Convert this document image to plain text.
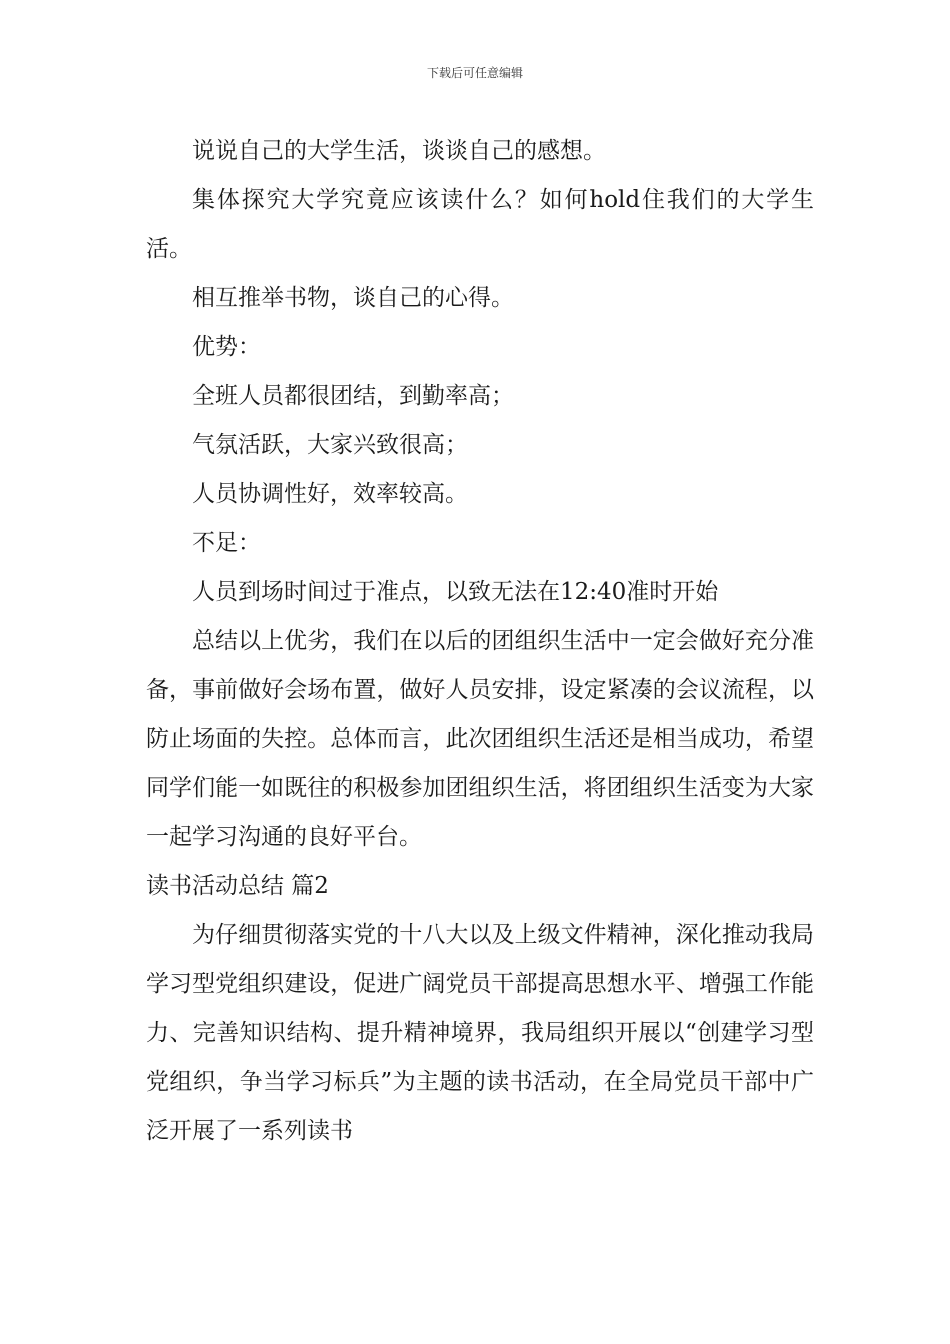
下载后可任意编辑

说说自己的大学生活，谈谈自己的感想。

集体探究大学究竟应该读什么？如何hold住我们的大学生活。

相互推举书物，谈自己的心得。

优势：

全班人员都很团结，到勤率高；

气氛活跃，大家兴致很高；

人员协调性好，效率较高。

不足：

人员到场时间过于准点，以致无法在12:40准时开始

总结以上优劣，我们在以后的团组织生活中一定会做好充分准备，事前做好会场布置，做好人员安排，设定紧凑的会议流程，以防止场面的失控。总体而言，此次团组织生活还是相当成功，希望同学们能一如既往的积极参加团组织生活，将团组织生活变为大家一起学习沟通的良好平台。

读书活动总结 篇2

为仔细贯彻落实党的十八大以及上级文件精神，深化推动我局学习型党组织建设，促进广阔党员干部提高思想水平、增强工作能力、完善知识结构、提升精神境界，我局组织开展以“创建学习型党组织，争当学习标兵”为主题的读书活动，在全局党员干部中广泛开展了一系列读书
